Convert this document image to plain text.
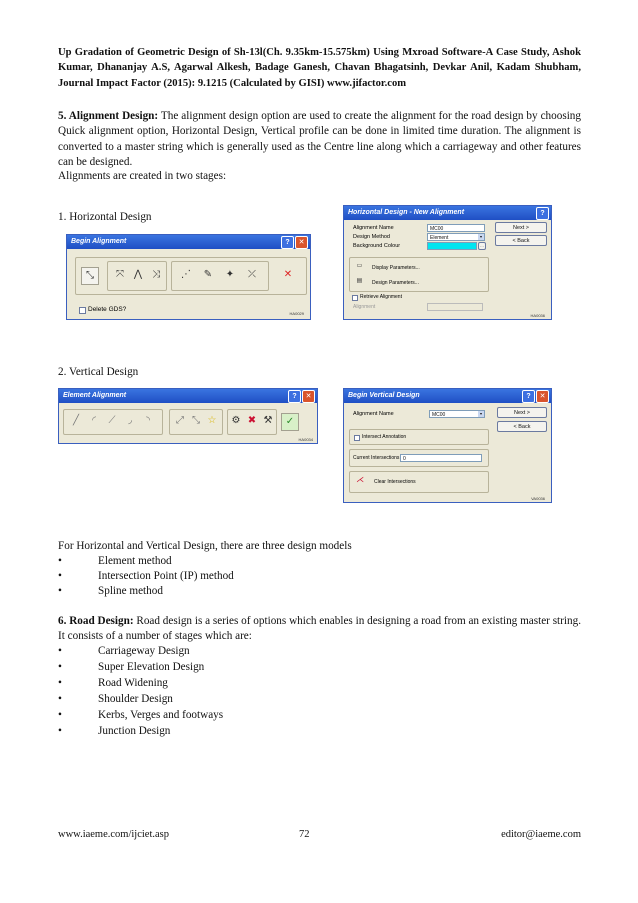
Up Gradation of Geometric Design of Sh-13l(Ch. 9.35km-15.575km) Using Mxroad Software-A Case Study, Ashok Kumar, Dhananjay A.S, Agarwal Alkesh, Badage Ganesh, Chavan Bhagatsinh, Devkar Anil, Kadam Shubham, Journal Impact Factor (2015): 9.1215 (Calculated by GISI) www.jifactor.com
5. Alignment Design: The alignment design option are used to create the alignment for the road design by choosing Quick alignment option, Horizontal Design, Vertical profile can be done in limited time duration. The alignment is converted to a master string which is generally used as the Centre line along which a carriageway and other features can be designed.
Alignments are created in two stages:
1. Horizontal Design
Begin Alignment	?	✕
⤡	⤧ ⋀ ⤨	⋰	✎	✦	⤫	✕
Delete GDS?
HA0029
Horizontal Design - New Alignment	?
Alignment Name	MC00
Design Method	Element	▾
Background Colour	…
Next >
< Back
▭	Display Parameters...
▤	Design Parameters...
Retrieve Alignment
Alignment
HA0036
2. Vertical Design
Element Alignment	?	✕
╱	◜	⟋	◞	◝	⤢ ⤡ ☆	⚙ ✖ ⚒	✓
HA0034
Begin Vertical Design	?	✕
Alignment Name	MC00	▾	Next >
< Back
Intersect Annotation
Current Intersections 0
⋌	Clear Intersections
VA0036
For Horizontal and Vertical Design, there are three design models
•	Element method
•	Intersection Point (IP) method
•	Spline method
6. Road Design: Road design is a series of options which enables in designing a road from an existing master string. It consists of a number of stages which are:
•	Carriageway Design
•	Super Elevation Design
•	Road Widening
•	Shoulder Design
•	Kerbs, Verges and footways
•	Junction Design
www.iaeme.com/ijciet.asp	72	editor@iaeme.com
